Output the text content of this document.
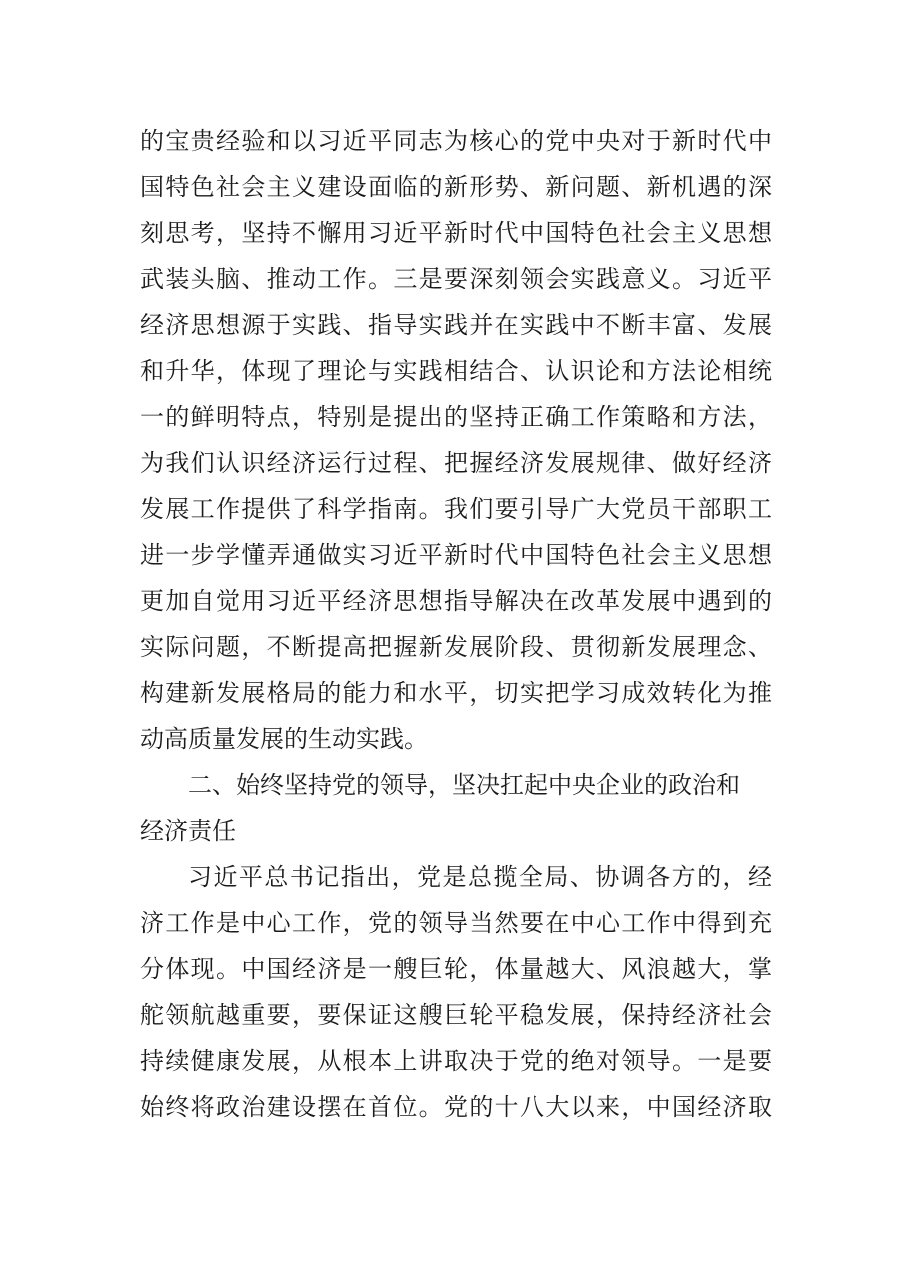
的宝贵经验和以习近平同志为核心的党中央对于新时代中
国特色社会主义建设面临的新形势、新问题、新机遇的深
刻思考，坚持不懈用习近平新时代中国特色社会主义思想
武装头脑、推动工作。三是要深刻领会实践意义。习近平
经济思想源于实践、指导实践并在实践中不断丰富、发展
和升华，体现了理论与实践相结合、认识论和方法论相统
一的鲜明特点，特别是提出的坚持正确工作策略和方法，
为我们认识经济运行过程、把握经济发展规律、做好经济
发展工作提供了科学指南。我们要引导广大党员干部职工
进一步学懂弄通做实习近平新时代中国特色社会主义思想
更加自觉用习近平经济思想指导解决在改革发展中遇到的
实际问题，不断提高把握新发展阶段、贯彻新发展理念、
构建新发展格局的能力和水平，切实把学习成效转化为推
动高质量发展的生动实践。
二、始终坚持党的领导，坚决扛起中央企业的政治和
经济责任
习近平总书记指出，党是总揽全局、协调各方的，经
济工作是中心工作，党的领导当然要在中心工作中得到充
分体现。中国经济是一艘巨轮，体量越大、风浪越大，掌
舵领航越重要，要保证这艘巨轮平稳发展，保持经济社会
持续健康发展，从根本上讲取决于党的绝对领导。一是要
始终将政治建设摆在首位。党的十八大以来，中国经济取
